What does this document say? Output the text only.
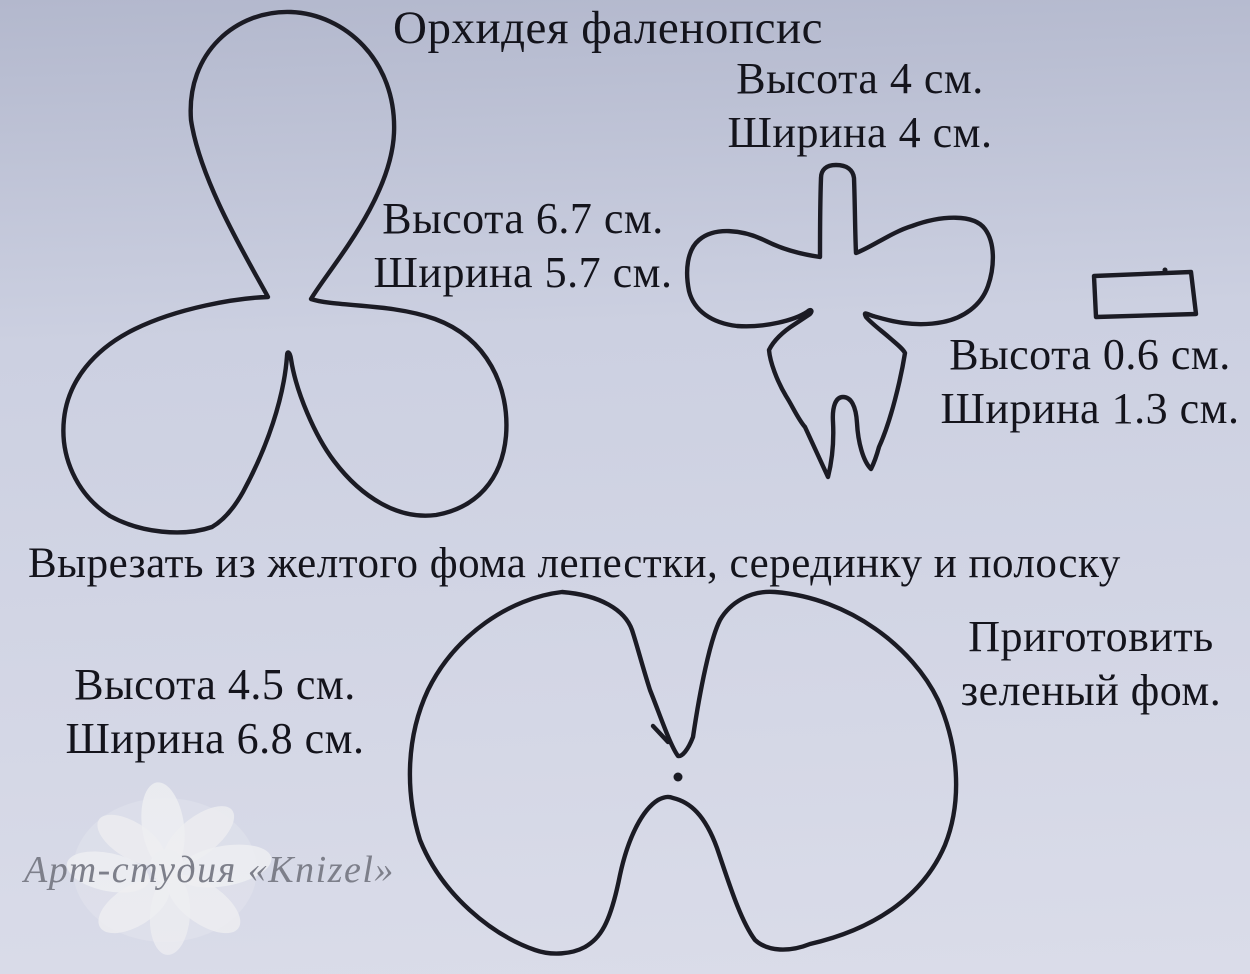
Орхидея фаленопсис
Высота 4 см.
Ширина 4 см.
Высота 6.7 см.
Ширина 5.7 см.
Высота 0.6 см.
Ширина 1.3 см.
Вырезать из желтого фома лепестки, серединку и полоску
Высота 4.5 см.
Ширина 6.8 см.
Приготовить
зеленый фом.
Арт-студия «Knizel»
